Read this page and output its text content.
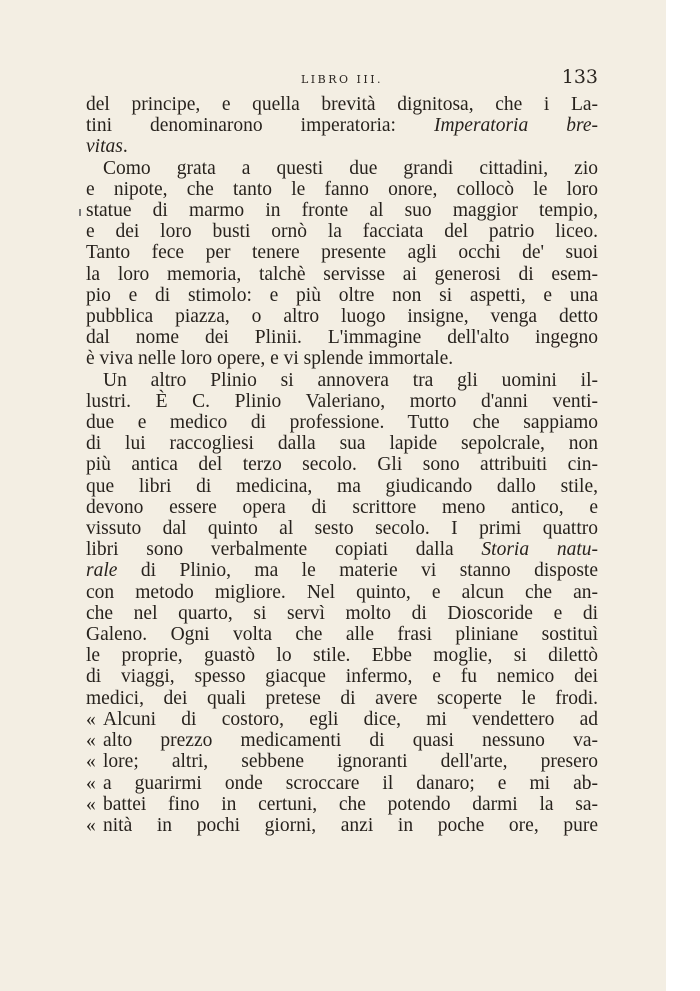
LIBRO III.	133
del principe, e quella brevità dignitosa, che i La-
tini denominarono imperatoria: Imperatoria bre-
vitas.
Como grata a questi due grandi cittadini, zio
e nipote, che tanto le fanno onore, collocò le loro
statue di marmo in fronte al suo maggior tempio,
e dei loro busti ornò la facciata del patrio liceo.
Tanto fece per tenere presente agli occhi de' suoi
la loro memoria, talchè servisse ai generosi di esem-
pio e di stimolo: e più oltre non si aspetti, e una
pubblica piazza, o altro luogo insigne, venga detto
dal nome dei Plinii. L'immagine dell'alto ingegno
è viva nelle loro opere, e vi splende immortale.
Un altro Plinio si annovera tra gli uomini il-
lustri. È C. Plinio Valeriano, morto d'anni venti-
due e medico di professione. Tutto che sappiamo
di lui raccogliesi dalla sua lapide sepolcrale, non
più antica del terzo secolo. Gli sono attribuiti cin-
que libri di medicina, ma giudicando dallo stile,
devono essere opera di scrittore meno antico, e
vissuto dal quinto al sesto secolo. I primi quattro
libri sono verbalmente copiati dalla Storia natu-
rale di Plinio, ma le materie vi stanno disposte
con metodo migliore. Nel quinto, e alcun che an-
che nel quarto, si servì molto di Dioscoride e di
Galeno. Ogni volta che alle frasi pliniane sostituì
le proprie, guastò lo stile. Ebbe moglie, si dilettò
di viaggi, spesso giacque infermo, e fu nemico dei
medici, dei quali pretese di avere scoperte le frodi.
« Alcuni di costoro, egli dice, mi vendettero ad
« alto prezzo medicamenti di quasi nessuno va-
« lore; altri, sebbene ignoranti dell'arte, presero
« a guarirmi onde scroccare il danaro; e mi ab-
« battei fino in certuni, che potendo darmi la sa-
« nità in pochi giorni, anzi in poche ore, pure
